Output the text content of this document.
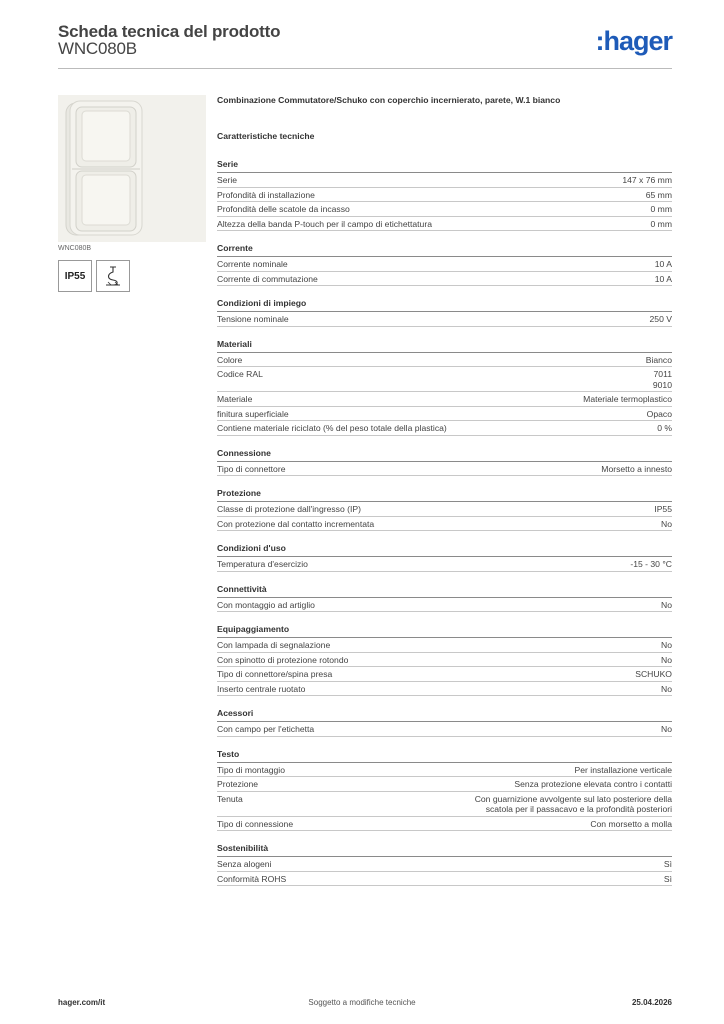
Scheda tecnica del prodotto
WNC080B	:hager
WNC080B
IP55
Combinazione Commutatore/Schuko con coperchio incernierato, parete, W.1 bianco
Caratteristiche tecniche
Serie
Serie	147 x 76 mm
Profondità di installazione	65 mm
Profondità delle scatole da incasso	0 mm
Altezza della banda P-touch per il campo di etichettatura	0 mm
Corrente
Corrente nominale	10 A
Corrente di commutazione	10 A
Condizioni di impiego
Tensione nominale	250 V
Materiali
Colore	Bianco
Codice RAL	7011
9010
Materiale	Materiale termoplastico
finitura superficiale	Opaco
Contiene materiale riciclato (% del peso totale della plastica)	0 %
Connessione
Tipo di connettore	Morsetto a innesto
Protezione
Classe di protezione dall'ingresso (IP)	IP55
Con protezione dal contatto incrementata	No
Condizioni d'uso
Temperatura d'esercizio	-15 - 30 °C
Connettività
Con montaggio ad artiglio	No
Equipaggiamento
Con lampada di segnalazione	No
Con spinotto di protezione rotondo	No
Tipo di connettore/spina presa	SCHUKO
Inserto centrale ruotato	No
Acessori
Con campo per l'etichetta	No
Testo
Tipo di montaggio	Per installazione verticale
Protezione	Senza protezione elevata contro i contatti
Tenuta	Con guarnizione avvolgente sul lato posteriore della scatola per il passacavo e la profondità posteriori
Tipo di connessione	Con morsetto a molla
Sostenibilità
Senza alogeni	Sì
Conformità ROHS	Sì
hager.com/it	Soggetto a modifiche tecniche	25.04.2026
